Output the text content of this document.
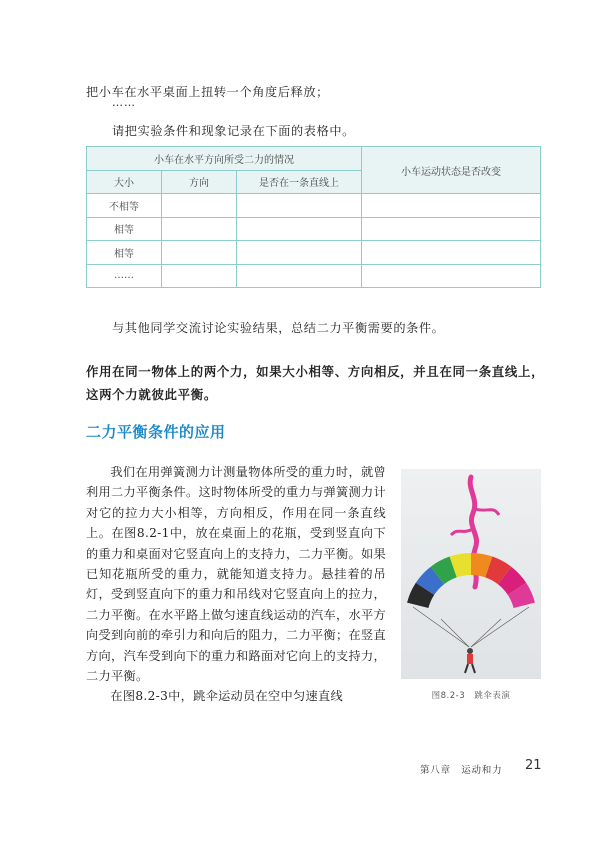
把小车在水平桌面上扭转一个角度后释放；
……
请把实验条件和现象记录在下面的表格中。
小车在水平方向所受二力的情况			小车运动状态是否改变
大小	方向	是否在一条直线上	
不相等			
相等			
相等			
……			
与其他同学交流讨论实验结果，总结二力平衡需要的条件。
作用在同一物体上的两个力，如果大小相等、方向相反，并且在同一条直线上，这两个力就彼此平衡。
二力平衡条件的应用

我们在用弹簧测力计测量物体所受的重力时，就曾利用二力平衡条件。这时物体所受的重力与弹簧测力计对它的拉力大小相等，方向相反，作用在同一条直线上。在图8.2-1中，放在桌面上的花瓶，受到竖直向下的重力和桌面对它竖直向上的支持力，二力平衡。如果已知花瓶所受的重力，就能知道支持力。悬挂着的吊灯，受到竖直向下的重力和吊线对它竖直向上的拉力，二力平衡。在水平路上做匀速直线运动的汽车，水平方向受到向前的牵引力和向后的阻力，二力平衡；在竖直方向，汽车受到向下的重力和路面对它向上的支持力，二力平衡。

在图8.2-3中，跳伞运动员在空中匀速直线	图8.2-3 跳伞表演
第八章　运动和力 21
